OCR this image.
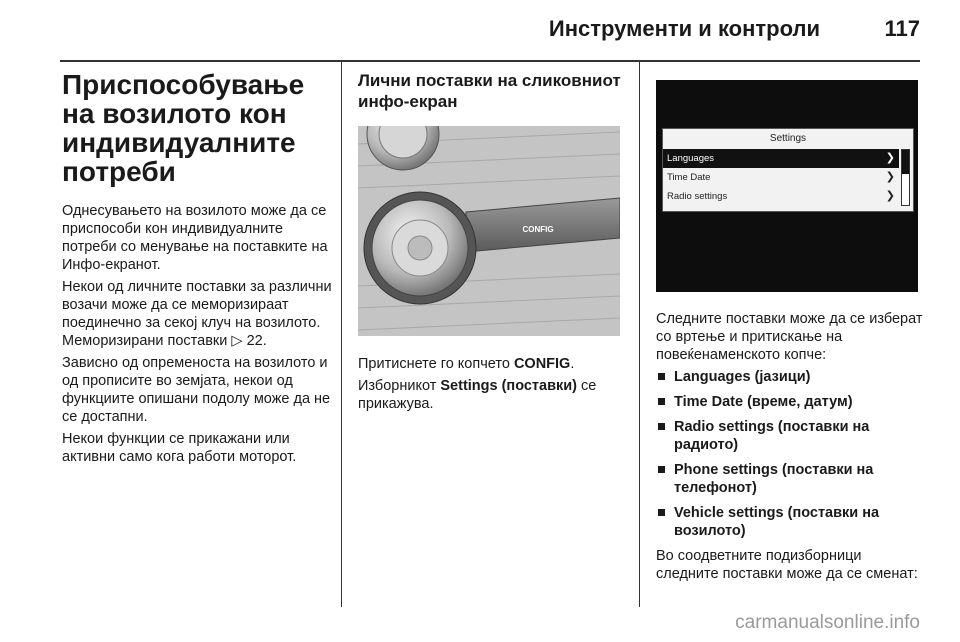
Инструменти и контроли	117
Приспособување на возилото кон индивидуалните потреби

Однесувањето на возилото може да се приспособи кон индивидуалните потреби со менување на поставките на Инфо-екранот.

Некои од личните поставки за различни возачи може да се меморизираат поединечно за секој клуч на возилото. Меморизирани поставки ▷ 22.

Зависно од опременоста на возилото и од прописите во земјата, некои од функциите опишани подолу може да не се достапни.

Некои функции се прикажани или активни само кога работи моторот.

Лични поставки на сликовниот инфо-екран
CONFIG

Притиснете го копчето CONFIG.

Изборникот Settings (поставки) се прикажува.

Settings
Languages	❯
Time Date	❯
Radio settings	❯

Следните поставки може да се изберат со вртење и притискање на повеќенаменското копче:

Languages (јазици)
Time Date (време, датум)
Radio settings (поставки на радиото)
Phone settings (поставки на телефонот)
Vehicle settings (поставки на возилото)

Во соодветните подизборници следните поставки може да се сменат:

carmanualsonline.info
